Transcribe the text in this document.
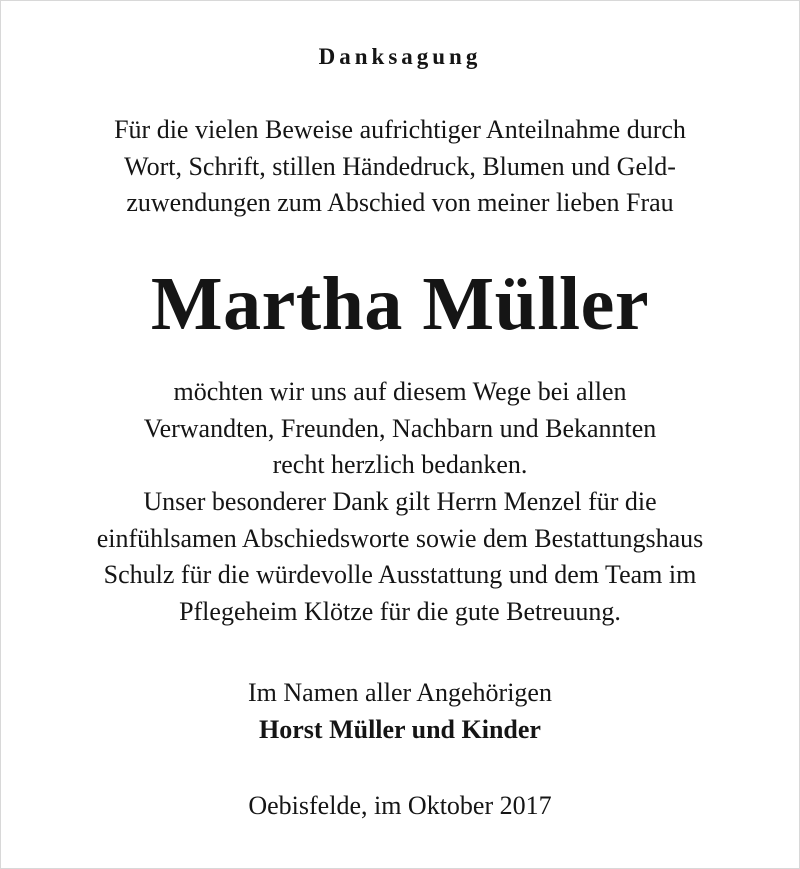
Danksagung
Für die vielen Beweise aufrichtiger Anteilnahme durch
Wort, Schrift, stillen Händedruck, Blumen und Geld-
zuwendungen zum Abschied von meiner lieben Frau
Martha Müller
möchten wir uns auf diesem Wege bei allen
Verwandten, Freunden, Nachbarn und Bekannten
recht herzlich bedanken.
Unser besonderer Dank gilt Herrn Menzel für die
einfühlsamen Abschiedsworte sowie dem Bestattungshaus
Schulz für die würdevolle Ausstattung und dem Team im
Pflegeheim Klötze für die gute Betreuung.
Im Namen aller Angehörigen
Horst Müller und Kinder
Oebisfelde, im Oktober 2017
